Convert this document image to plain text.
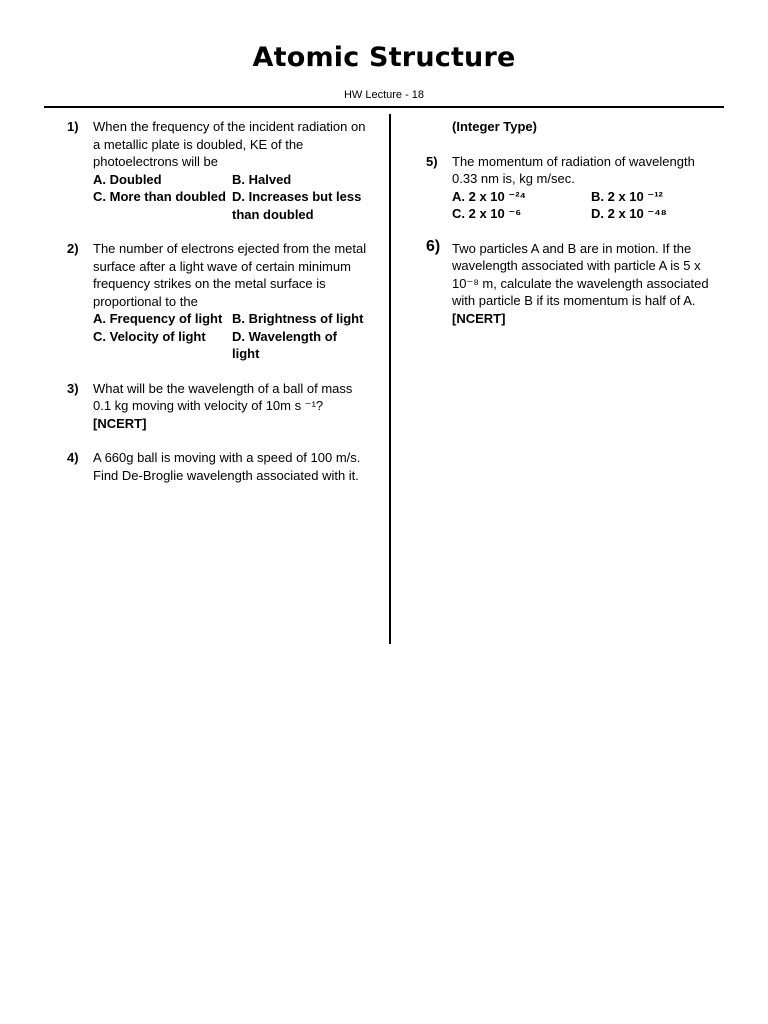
Atomic Structure
HW Lecture - 18
1)	When the frequency of the incident radiation on a metallic plate is doubled, KE of the photoelectrons will be
A. Doubled	B. Halved
C. More than doubled D. Increases but less than doubled
2)	The number of electrons ejected from the metal surface after a light wave of certain minimum frequency strikes on the metal surface is proportional to the
A. Frequency of light B. Brightness of light
C. Velocity of light	D. Wavelength of light
3)	What will be the wavelength of a ball of mass 0.1 kg moving with velocity of 10m s ⁻¹?
[NCERT]
4)	A 660g ball is moving with a speed of 100 m/s. Find De-Broglie wavelength associated with it.
(Integer Type)
5)	The momentum of radiation of wavelength 0.33 nm is, kg m/sec.
A. 2 x 10 ⁻²⁴	B. 2 x 10 ⁻¹²
C. 2 x 10 ⁻⁶	D. 2 x 10 ⁻⁴⁸
6) Two particles A and B are in motion. If the wavelength associated with particle A is 5 x 10⁻⁸ m, calculate the wavelength associated with particle B if its momentum is half of A.
[NCERT]
